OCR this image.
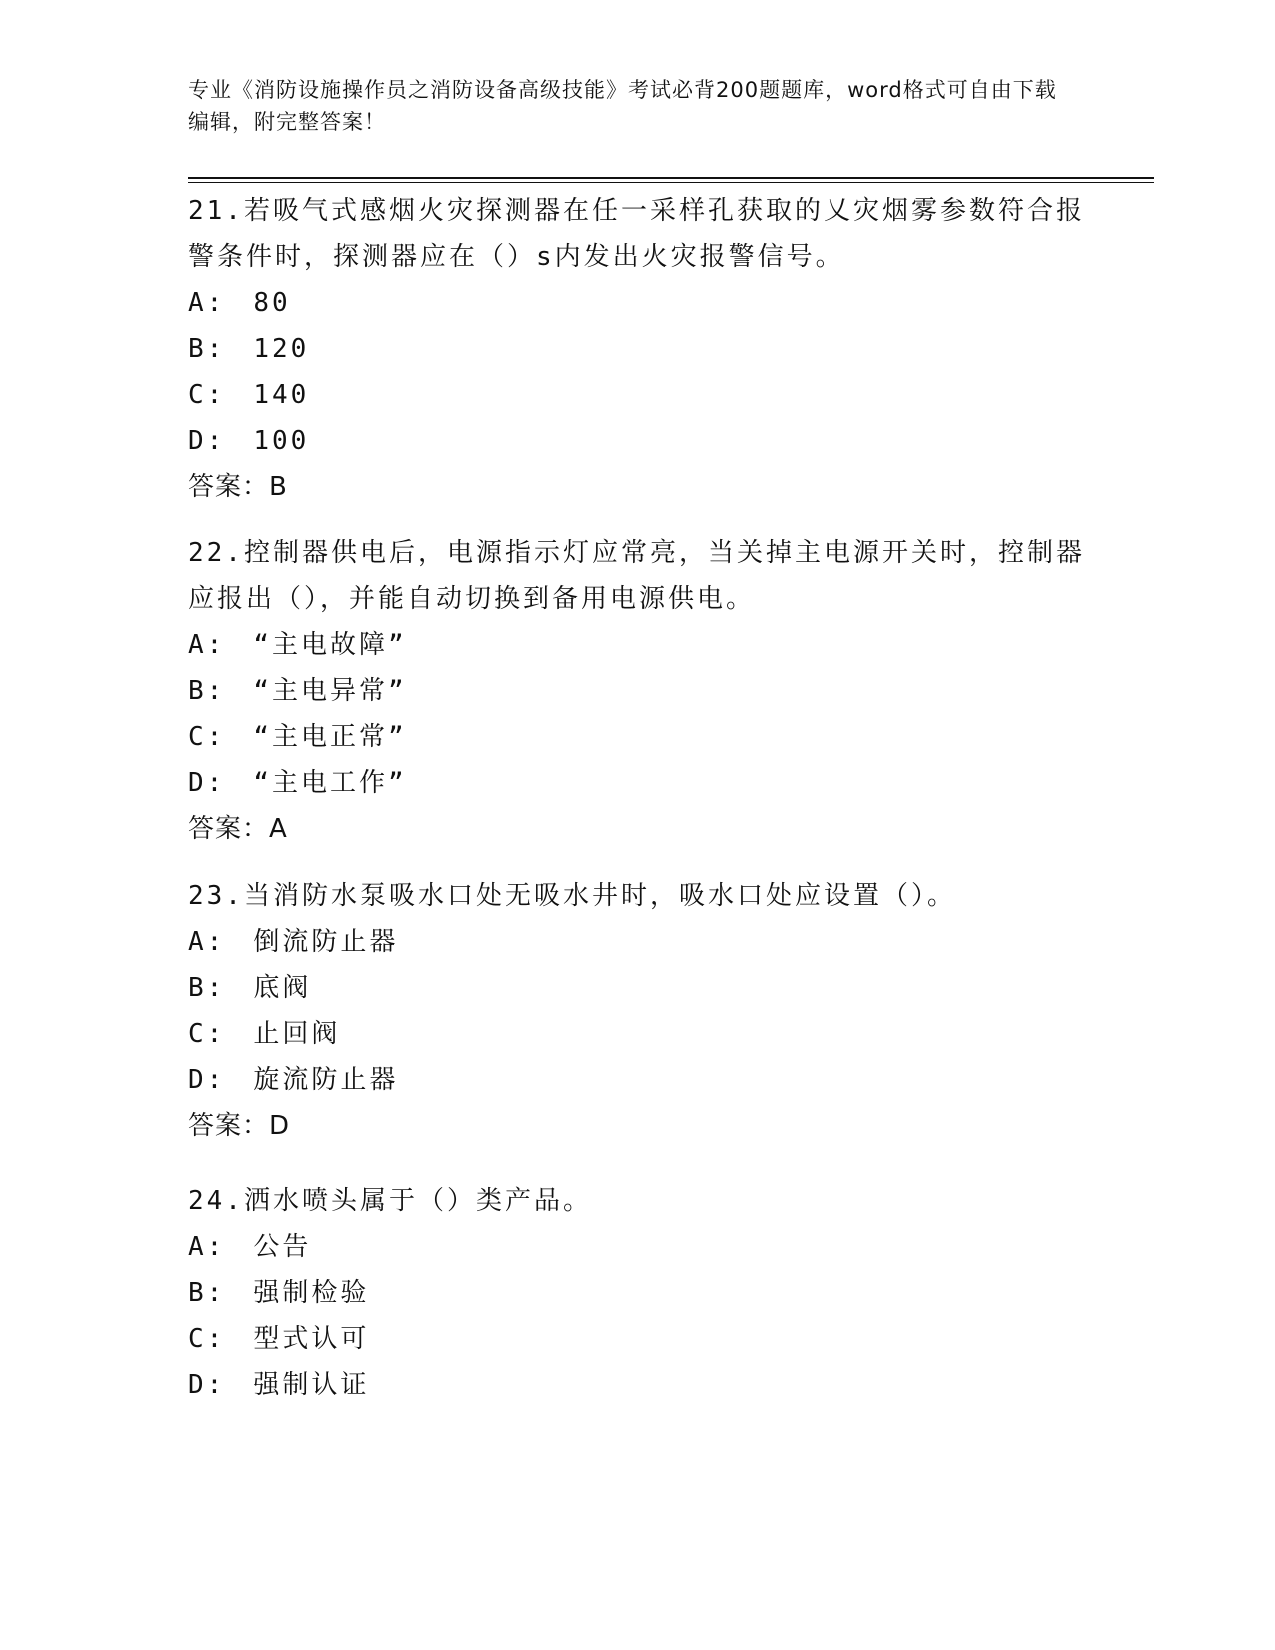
专业《消防设施操作员之消防设备高级技能》考试必背200题题库，word格式可自由下载编辑，附完整答案！

21.若吸气式感烟火灾探测器在任一采样孔获取的乂灾烟雾参数符合报警条件时，探测器应在（）s内发出火灾报警信号。

A: 80

B: 120

C: 140

D: 100

答案：B

22.控制器供电后，电源指示灯应常亮，当关掉主电源开关时，控制器应报出（），并能自动切换到备用电源供电。

A: “主电故障”

B: “主电异常”

C: “主电正常”

D: “主电工作”

答案：A

23.当消防水泵吸水口处无吸水井时，吸水口处应设置（）。

A: 倒流防止器

B: 底阀

C: 止回阀

D: 旋流防止器

答案：D

24.洒水喷头属于（）类产品。

A: 公告

B: 强制检验

C: 型式认可

D: 强制认证
